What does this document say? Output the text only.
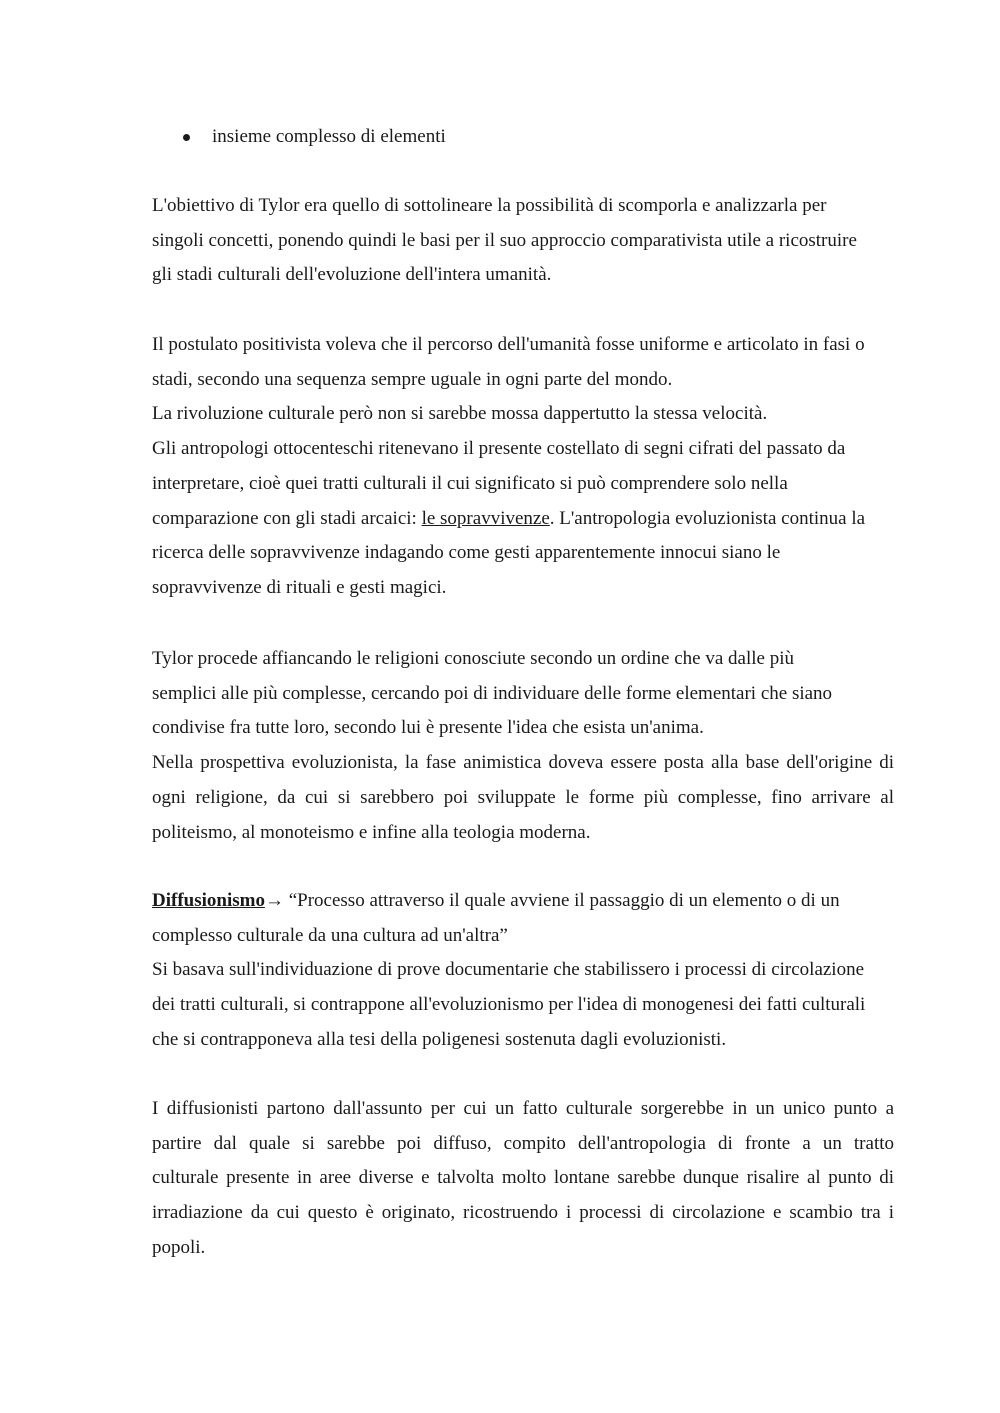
insieme complesso di elementi
L'obiettivo di Tylor era quello di sottolineare la possibilità di scomporla e analizzarla per
singoli concetti, ponendo quindi le basi per il suo approccio comparativista utile a ricostruire
gli stadi culturali dell'evoluzione dell'intera umanità.
Il postulato positivista voleva che il percorso dell'umanità fosse uniforme e articolato in fasi o
stadi, secondo una sequenza sempre uguale in ogni parte del mondo.
La rivoluzione culturale però non si sarebbe mossa dappertutto la stessa velocità.
Gli antropologi ottocenteschi ritenevano il presente costellato di segni cifrati del passato da
interpretare, cioè quei tratti culturali il cui significato si può comprendere solo nella
comparazione con gli stadi arcaici: le sopravvivenze. L'antropologia evoluzionista continua la
ricerca delle sopravvivenze indagando come gesti apparentemente innocui siano le
sopravvivenze di rituali e gesti magici.
Tylor procede affiancando le religioni conosciute secondo un ordine che va dalle più
semplici alle più complesse, cercando poi di individuare delle forme elementari che siano
condivise fra tutte loro, secondo lui è presente l'idea che esista un'anima.
Nella prospettiva evoluzionista, la fase animistica doveva essere posta alla base dell'origine di
ogni religione, da cui si sarebbero poi sviluppate le forme più complesse, fino arrivare al
politeismo, al monoteismo e infine alla teologia moderna.
Diffusionismo→ “Processo attraverso il quale avviene il passaggio di un elemento o di un
complesso culturale da una cultura ad un'altra”
Si basava sull'individuazione di prove documentarie che stabilissero i processi di circolazione
dei tratti culturali, si contrappone all'evoluzionismo per l'idea di monogenesi dei fatti culturali
che si contrapponeva alla tesi della poligenesi sostenuta dagli evoluzionisti.
I diffusionisti partono dall'assunto per cui un fatto culturale sorgerebbe in un unico punto a
partire dal quale si sarebbe poi diffuso, compito dell'antropologia di fronte a un tratto
culturale presente in aree diverse e talvolta molto lontane sarebbe dunque risalire al punto di
irradiazione da cui questo è originato, ricostruendo i processi di circolazione e scambio tra i
popoli.
